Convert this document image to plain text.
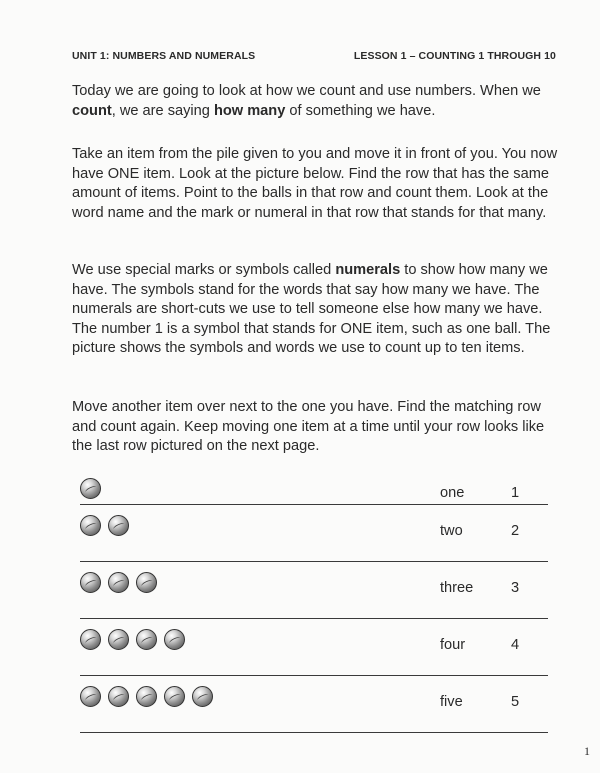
UNIT 1: NUMBERS AND NUMERALS	LESSON 1 – COUNTING 1 THROUGH 10

Today we are going to look at how we count and use numbers. When we count, we are saying how many of something we have.

Take an item from the pile given to you and move it in front of you. You now have ONE item. Look at the picture below. Find the row that has the same amount of items. Point to the balls in that row and count them. Look at the word name and the mark or numeral in that row that stands for that many.

We use special marks or symbols called numerals to show how many we have. The symbols stand for the words that say how many we have. The numerals are short-cuts we use to tell someone else how many we have. The number 1 is a symbol that stands for ONE item, such as one ball. The picture shows the symbols and words we use to count up to ten items.

Move another item over next to the one you have. Find the matching row and count again. Keep moving one item at a time until your row looks like the last row pictured on the next page.

one	1
two	2
three	3
four	4
five	5
1
